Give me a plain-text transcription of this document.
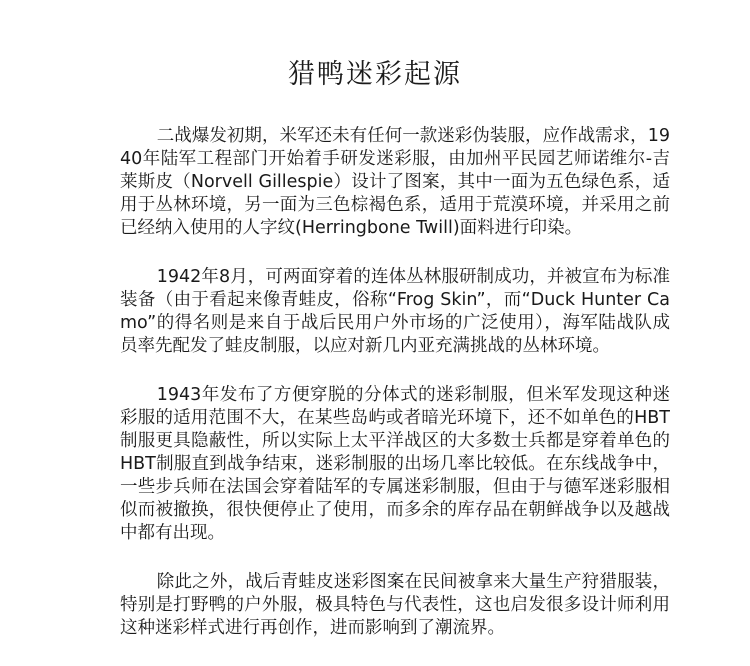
猎鸭迷彩起源

二战爆发初期，米军还未有任何一款迷彩伪装服，应作战需求，1940年陆军工程部门开始着手研发迷彩服，由加州平民园艺师诺维尔-吉莱斯皮（Norvell Gillespie）设计了图案，其中一面为五色绿色系，适用于丛林环境，另一面为三色棕褐色系，适用于荒漠环境，并采用之前已经纳入使用的人字纹(Herringbone Twill)面料进行印染。

1942年8月，可两面穿着的连体丛林服研制成功，并被宣布为标准装备（由于看起来像青蛙皮，俗称“Frog Skin”，而“Duck Hunter Camo”的得名则是来自于战后民用户外市场的广泛使用），海军陆战队成员率先配发了蛙皮制服，以应对新几内亚充满挑战的丛林环境。

1943年发布了方便穿脱的分体式的迷彩制服，但米军发现这种迷彩服的适用范围不大，在某些岛屿或者暗光环境下，还不如单色的HBT制服更具隐蔽性，所以实际上太平洋战区的大多数士兵都是穿着单色的HBT制服直到战争结束，迷彩制服的出场几率比较低。在东线战争中，一些步兵师在法国会穿着陆军的专属迷彩制服，但由于与德军迷彩服相似而被撤换，很快便停止了使用，而多余的库存品在朝鲜战争以及越战中都有出现。

除此之外，战后青蛙皮迷彩图案在民间被拿来大量生产狩猎服装，特别是打野鸭的户外服，极具特色与代表性，这也启发很多设计师利用这种迷彩样式进行再创作，进而影响到了潮流界。
